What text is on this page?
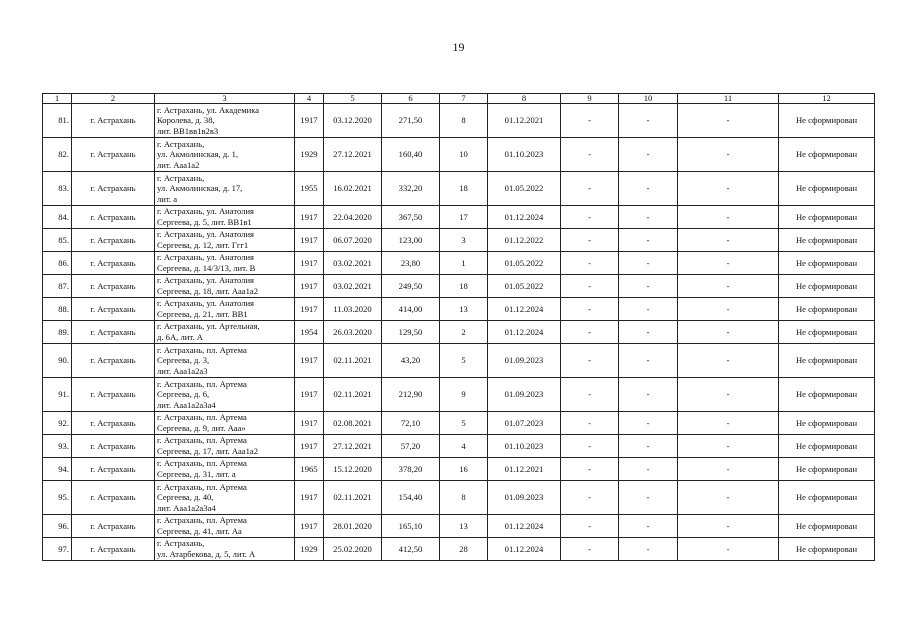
19
1	2	3	4	5	6	7	8	9	10	11	12
81.	г. Астрахань	г. Астрахань, ул. Академика
Королева, д. 38,
лит. ВВ1вв1в2в3	1917	03.12.2020	271,50	8	01.12.2021	-	-	-	Не сформирован
82.	г. Астрахань	г. Астрахань,
ул. Акмолинская, д. 1,
лит. Ааа1а2	1929	27.12.2021	160,40	10	01.10.2023	-	-	-	Не сформирован
83.	г. Астрахань	г. Астрахань,
ул. Акмолинская, д. 17,
лит. а	1955	16.02.2021	332,20	18	01.05.2022	-	-	-	Не сформирован
84.	г. Астрахань	г. Астрахань, ул. Анатолия
Сергеева, д. 5, лит. ВВ1в1	1917	22.04.2020	367,50	17	01.12.2024	-	-	-	Не сформирован
85.	г. Астрахань	г. Астрахань, ул. Анатолия
Сергеева, д. 12, лит. Ггг1	1917	06.07.2020	123,00	3	01.12.2022	-	-	-	Не сформирован
86.	г. Астрахань	г. Астрахань, ул. Анатолия
Сергеева, д. 14/3/13, лит. В	1917	03.02.2021	23,80	1	01.05.2022	-	-	-	Не сформирован
87.	г. Астрахань	г. Астрахань, ул. Анатолия
Сергеева, д. 18, лит. Ааа1а2	1917	03.02.2021	249,50	18	01.05.2022	-	-	-	Не сформирован
88.	г. Астрахань	г. Астрахань, ул. Анатолия
Сергеева, д. 21, лит. ВВ1	1917	11.03.2020	414,00	13	01.12.2024	-	-	-	Не сформирован
89.	г. Астрахань	г. Астрахань, ул. Артельная,
д. 6А, лит. А	1954	26.03.2020	129,50	2	01.12.2024	-	-	-	Не сформирован
90.	г. Астрахань	г. Астрахань, пл. Артема
Сергеева, д. 3,
лит. Ааа1а2а3	1917	02.11.2021	43,20	5	01.09.2023	-	-	-	Не сформирован
91.	г. Астрахань	г. Астрахань, пл. Артема
Сергеева, д. 6,
лит. Ааа1а2а3а4	1917	02.11.2021	212,90	9	01.09.2023	-	-	-	Не сформирован
92.	г. Астрахань	г. Астрахань, пл. Артема
Сергеева, д. 9, лит. Ааа»	1917	02.08.2021	72,10	5	01.07.2023	-	-	-	Не сформирован
93.	г. Астрахань	г. Астрахань, пл. Артема
Сергеева, д. 17, лит. Ааа1а2	1917	27.12.2021	57,20	4	01.10.2023	-	-	-	Не сформирован
94.	г. Астрахань	г. Астрахань, пл. Артема
Сергеева, д. 31, лит. а	1965	15.12.2020	378,20	16	01.12.2021	-	-	-	Не сформирован
95.	г. Астрахань	г. Астрахань, пл. Артема
Сергеева, д. 40,
лит. Ааа1а2а3а4	1917	02.11.2021	154,40	8	01.09.2023	-	-	-	Не сформирован
96.	г. Астрахань	г. Астрахань, пл. Артема
Сергеева, д. 41, лит. Аа	1917	28.01.2020	165,10	13	01.12.2024	-	-	-	Не сформирован
97.	г. Астрахань	г. Астрахань,
ул. Атарбекова, д. 5, лит. А	1929	25.02.2020	412,50	28	01.12.2024	-	-	-	Не сформирован
